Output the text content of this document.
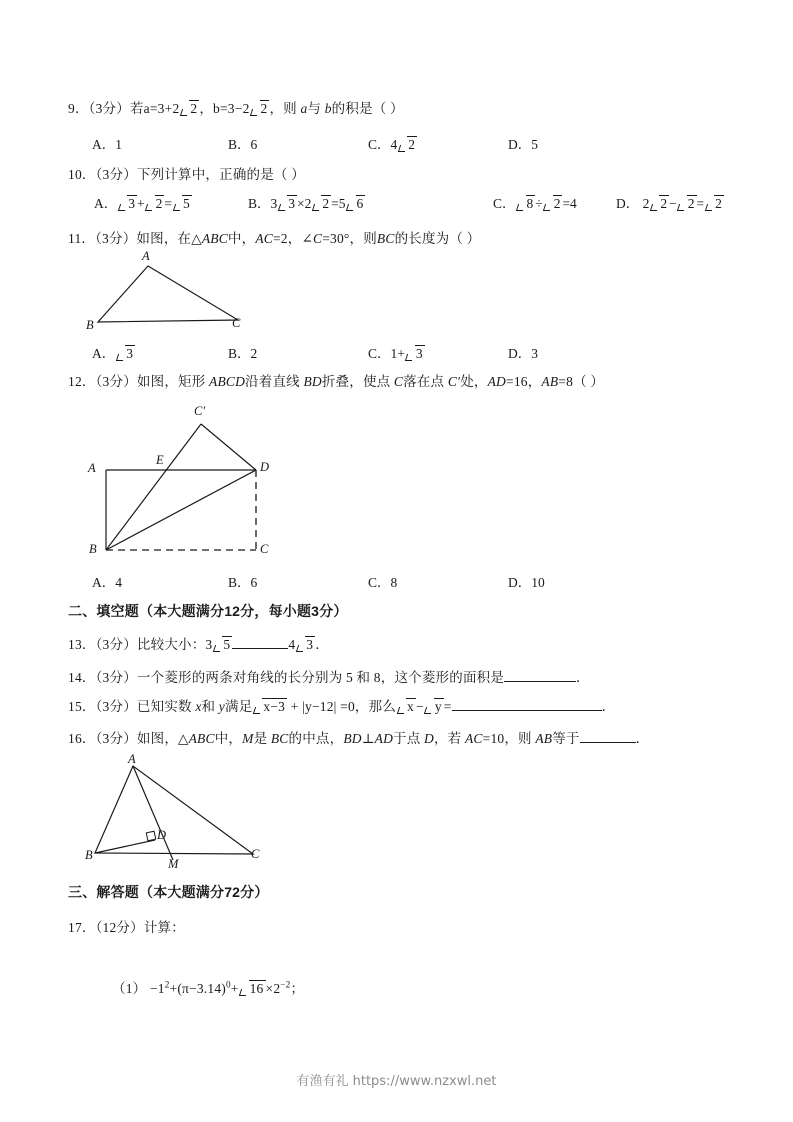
9．（3分）若a=3+2 2 ，b=3−2 2 ，则 a与 b的积是（ ）
A．1	B．6	C．4 2	D．5
10．（3分）下列计算中，正确的是（ ）
A． 3 + 2 = 5	B．3 3 ×2 2 =5 6	C． 8 ÷ 2 =4	D． 2 2 − 2 = 2
11．（3分）如图，在△ABC中，AC=2，∠C=30°，则BC的长度为（ ）
A
B	C
A． 3	B．2	C．1+ 3	D．3
12．（3分）如图，矩形 ABCD沿着直线 BD折叠，使点 C落在点 C′处，AD=16，AB=8（ ）
A
B	C
D
E
C′
A．4	B．6	C．8	D．10
二、填空题（本大题满分12分，每小题3分）
13．（3分）比较大小：3 5	4 3 ．
14．（3分）一个菱形的两条对角线的长分别为 5 和 8，这个菱形的面积是	．
15．（3分）已知实数 x和 y满足 x−3 + |y−12| =0，那么 x − y =	．
16．（3分）如图，△ABC中，M是 BC的中点，BD⊥AD于点 D，若 AC=10，则 AB等于	．
A
B	C
D
M
三、解答题（本大题满分72分）
17．（12分）计算：
$(1) -1^2+(\pi-3.14)^0+ 16 \times 2^{-2}$；
有渔有礼 https://www.nzxwl.net
